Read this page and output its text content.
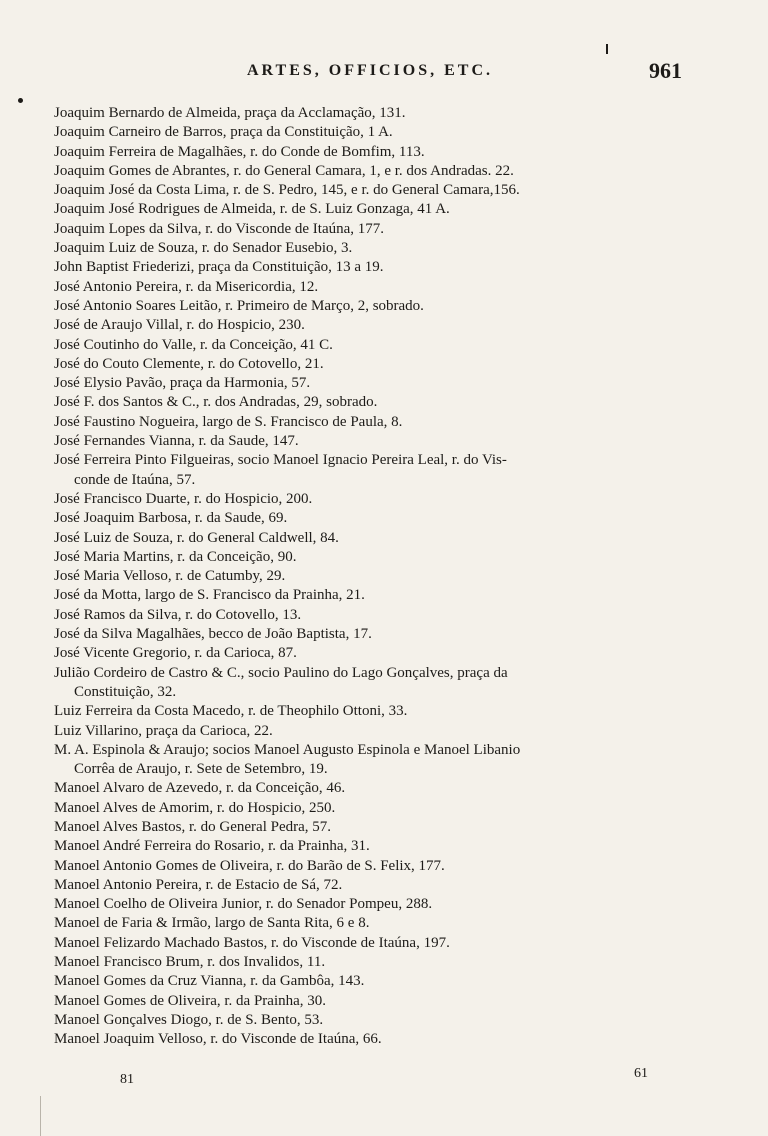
ARTES, OFFICIOS, ETC.	961
Joaquim Bernardo de Almeida, praça da Acclamação, 131.
Joaquim Carneiro de Barros, praça da Constituição, 1 A.
Joaquim Ferreira de Magalhães, r. do Conde de Bomfim, 113.
Joaquim Gomes de Abrantes, r. do General Camara, 1, e r. dos Andradas. 22.
Joaquim José da Costa Lima, r. de S. Pedro, 145, e r. do General Camara,156.
Joaquim José Rodrigues de Almeida, r. de S. Luiz Gonzaga, 41 A.
Joaquim Lopes da Silva, r. do Visconde de Itaúna, 177.
Joaquim Luiz de Souza, r. do Senador Eusebio, 3.
John Baptist Friederizi, praça da Constituição, 13 a 19.
José Antonio Pereira, r. da Misericordia, 12.
José Antonio Soares Leitão, r. Primeiro de Março, 2, sobrado.
José de Araujo Villal, r. do Hospicio, 230.
José Coutinho do Valle, r. da Conceição, 41 C.
José do Couto Clemente, r. do Cotovello, 21.
José Elysio Pavão, praça da Harmonia, 57.
José F. dos Santos & C., r. dos Andradas, 29, sobrado.
José Faustino Nogueira, largo de S. Francisco de Paula, 8.
José Fernandes Vianna, r. da Saude, 147.
José Ferreira Pinto Filgueiras, socio Manoel Ignacio Pereira Leal, r. do Vis-
conde de Itaúna, 57.
José Francisco Duarte, r. do Hospicio, 200.
José Joaquim Barbosa, r. da Saude, 69.
José Luiz de Souza, r. do General Caldwell, 84.
José Maria Martins, r. da Conceição, 90.
José Maria Velloso, r. de Catumby, 29.
José da Motta, largo de S. Francisco da Prainha, 21.
José Ramos da Silva, r. do Cotovello, 13.
José da Silva Magalhães, becco de João Baptista, 17.
José Vicente Gregorio, r. da Carioca, 87.
Julião Cordeiro de Castro & C., socio Paulino do Lago Gonçalves, praça da
Constituição, 32.
Luiz Ferreira da Costa Macedo, r. de Theophilo Ottoni, 33.
Luiz Villarino, praça da Carioca, 22.
M. A. Espinola & Araujo; socios Manoel Augusto Espinola e Manoel Libanio
Corrêa de Araujo, r. Sete de Setembro, 19.
Manoel Alvaro de Azevedo, r. da Conceição, 46.
Manoel Alves de Amorim, r. do Hospicio, 250.
Manoel Alves Bastos, r. do General Pedra, 57.
Manoel André Ferreira do Rosario, r. da Prainha, 31.
Manoel Antonio Gomes de Oliveira, r. do Barão de S. Felix, 177.
Manoel Antonio Pereira, r. de Estacio de Sá, 72.
Manoel Coelho de Oliveira Junior, r. do Senador Pompeu, 288.
Manoel de Faria & Irmão, largo de Santa Rita, 6 e 8.
Manoel Felizardo Machado Bastos, r. do Visconde de Itaúna, 197.
Manoel Francisco Brum, r. dos Invalidos, 11.
Manoel Gomes da Cruz Vianna, r. da Gambôa, 143.
Manoel Gomes de Oliveira, r. da Prainha, 30.
Manoel Gonçalves Diogo, r. de S. Bento, 53.
Manoel Joaquim Velloso, r. do Visconde de Itaúna, 66.
81	61
